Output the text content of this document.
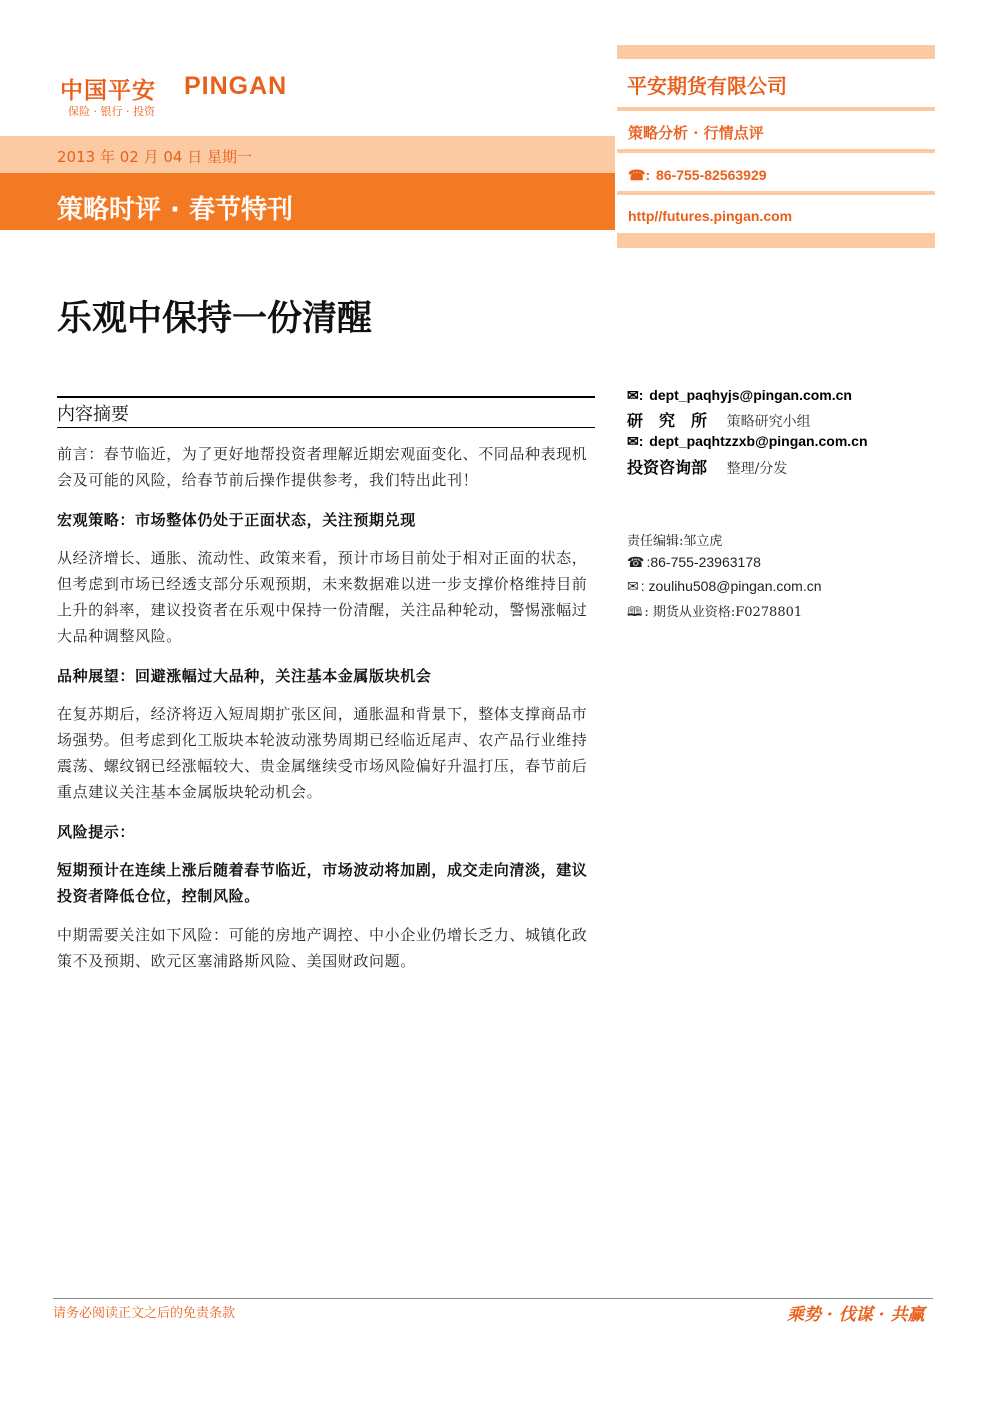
中国平安 PINGAN
保险 · 银行 · 投资
2013 年 02 月 04 日 星期一
策略时评 · 春节特刊
平安期货有限公司
策略分析 · 行情点评
☎: 86-755-82563929
http//futures.pingan.com
乐观中保持一份清醒
内容摘要
前言：春节临近，为了更好地帮投资者理解近期宏观面变化、不同品种表现机会及可能的风险，给春节前后操作提供参考，我们特出此刊！
宏观策略：市场整体仍处于正面状态，关注预期兑现
从经济增长、通胀、流动性、政策来看，预计市场目前处于相对正面的状态，但考虑到市场已经透支部分乐观预期，未来数据难以进一步支撑价格维持目前上升的斜率，建议投资者在乐观中保持一份清醒，关注品种轮动，警惕涨幅过大品种调整风险。
品种展望：回避涨幅过大品种，关注基本金属版块机会
在复苏期后，经济将迈入短周期扩张区间，通胀温和背景下，整体支撑商品市场强势。但考虑到化工版块本轮波动涨势周期已经临近尾声、农产品行业维持震荡、螺纹钢已经涨幅较大、贵金属继续受市场风险偏好升温打压，春节前后重点建议关注基本金属版块轮动机会。
风险提示：
短期预计在连续上涨后随着春节临近，市场波动将加剧，成交走向清淡，建议投资者降低仓位，控制风险。
中期需要关注如下风险：可能的房地产调控、中小企业仍增长乏力、城镇化政策不及预期、欧元区塞浦路斯风险、美国财政问题。
✉: dept_paqhyjs@pingan.com.cn
研　究　所 策略研究小组
✉: dept_paqhtzzxb@pingan.com.cn
投资咨询部 整理/分发
责任编辑:邹立虎
☎ :86-755-23963178
✉ : zoulihu508@pingan.com.cn
🕮 : 期货从业资格:F0278801
请务必阅读正文之后的免责条款	乘势 · 伐谋 · 共赢
